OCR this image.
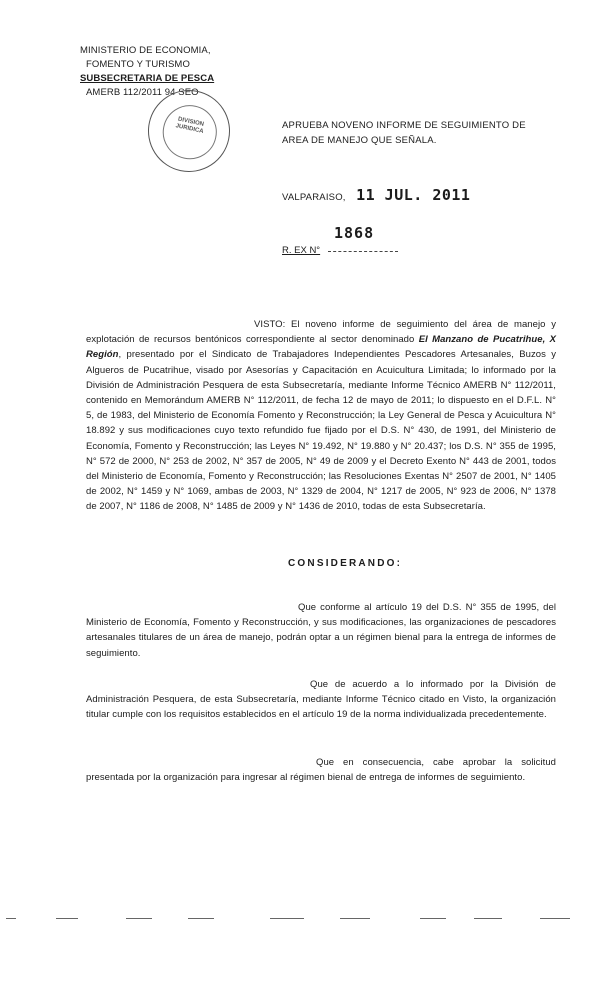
MINISTERIO DE ECONOMIA,
FOMENTO Y TURISMO
SUBSECRETARIA DE PESCA
AMERB 112/2011 94 SEO
DIVISION JURIDICA	APRUEBA NOVENO INFORME DE SEGUIMIENTO DE AREA DE MANEJO QUE SEÑALA.
VALPARAISO, 11 JUL. 2011
R. EX N°
1868
VISTO: El noveno informe de seguimiento del área de manejo y explotación de recursos bentónicos correspondiente al sector denominado El Manzano de Pucatrihue, X Región, presentado por el Sindicato de Trabajadores Independientes Pescadores Artesanales, Buzos y Algueros de Pucatrihue, visado por Asesorías y Capacitación en Acuicultura Limitada; lo informado por la División de Administración Pesquera de esta Subsecretaría, mediante Informe Técnico AMERB N° 112/2011, contenido en Memorándum AMERB N° 112/2011, de fecha 12 de mayo de 2011; lo dispuesto en el D.F.L. N° 5, de 1983, del Ministerio de Economía Fomento y Reconstrucción; la Ley General de Pesca y Acuicultura N° 18.892 y sus modificaciones cuyo texto refundido fue fijado por el D.S. N° 430, de 1991, del Ministerio de Economía, Fomento y Reconstrucción; las Leyes N° 19.492, N° 19.880 y N° 20.437; los D.S. N° 355 de 1995, N° 572 de 2000, N° 253 de 2002, N° 357 de 2005, N° 49 de 2009 y el Decreto Exento N° 443 de 2001, todos del Ministerio de Economía, Fomento y Reconstrucción; las Resoluciones Exentas N° 2507 de 2001, N° 1405 de 2002, N° 1459 y N° 1069, ambas de 2003, N° 1329 de 2004, N° 1217 de 2005, N° 923 de 2006, N° 1378 de 2007, N° 1186 de 2008, N° 1485 de 2009 y N° 1436 de 2010, todas de esta Subsecretaría.
CONSIDERANDO:
Que conforme al artículo 19 del D.S. N° 355 de 1995, del Ministerio de Economía, Fomento y Reconstrucción, y sus modificaciones, las organizaciones de pescadores artesanales titulares de un área de manejo, podrán optar a un régimen bienal para la entrega de informes de seguimiento.
Que de acuerdo a lo informado por la División de Administración Pesquera, de esta Subsecretaría, mediante Informe Técnico citado en Visto, la organización titular cumple con los requisitos establecidos en el artículo 19 de la norma individualizada precedentemente.
Que en consecuencia, cabe aprobar la solicitud presentada por la organización para ingresar al régimen bienal de entrega de informes de seguimiento.
